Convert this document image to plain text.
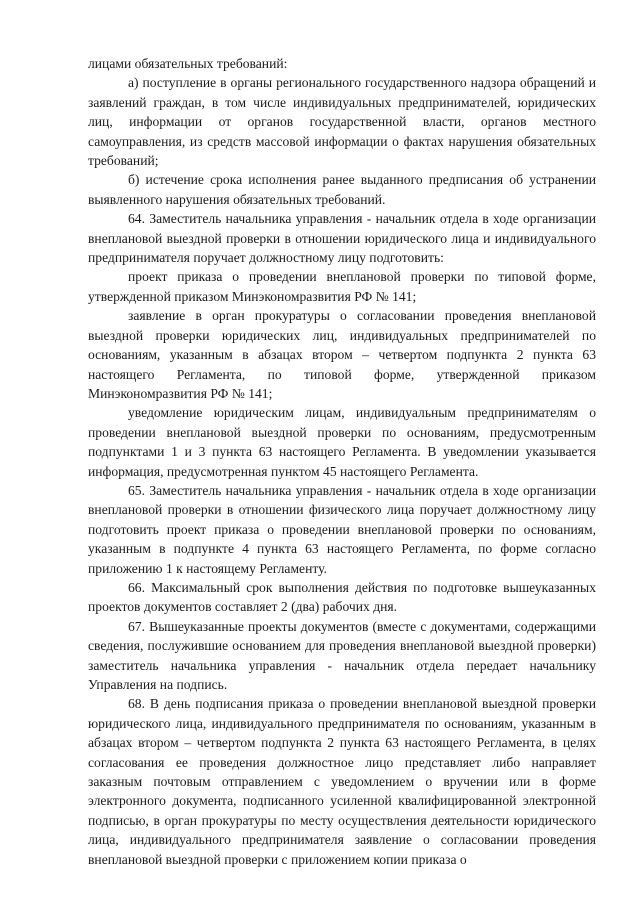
лицами обязательных требований:

а) поступление в органы регионального государственного надзора обращений и заявлений граждан, в том числе индивидуальных предпринимателей, юридических лиц, информации от органов государственной власти, органов местного самоуправления, из средств массовой информации о фактах нарушения обязательных требований;

б) истечение срока исполнения ранее выданного предписания об устранении выявленного нарушения обязательных требований.

64. Заместитель начальника управления - начальник отдела в ходе организации внеплановой выездной проверки в отношении юридического лица и индивидуального предпринимателя поручает должностному лицу подготовить:

проект приказа о проведении внеплановой проверки по типовой форме, утвержденной приказом Минэкономразвития РФ № 141;

заявление в орган прокуратуры о согласовании проведения внеплановой выездной проверки юридических лиц, индивидуальных предпринимателей по основаниям, указанным в абзацах втором – четвертом подпункта 2 пункта 63 настоящего Регламента, по типовой форме, утвержденной приказом Минэкономразвития РФ № 141;

уведомление юридическим лицам, индивидуальным предпринимателям о проведении внеплановой выездной проверки по основаниям, предусмотренным подпунктами 1 и 3 пункта 63 настоящего Регламента. В уведомлении указывается информация, предусмотренная пунктом 45 настоящего Регламента.

65. Заместитель начальника управления - начальник отдела в ходе организации внеплановой проверки в отношении физического лица поручает должностному лицу подготовить проект приказа о проведении внеплановой проверки по основаниям, указанным в подпункте 4 пункта 63 настоящего Регламента, по форме согласно приложению 1 к настоящему Регламенту.

66. Максимальный срок выполнения действия по подготовке вышеуказанных проектов документов составляет 2 (два) рабочих дня.

67. Вышеуказанные проекты документов (вместе с документами, содержащими сведения, послужившие основанием для проведения внеплановой выездной проверки) заместитель начальника управления - начальник отдела передает начальнику Управления на подпись.

68. В день подписания приказа о проведении внеплановой выездной проверки юридического лица, индивидуального предпринимателя по основаниям, указанным в абзацах втором – четвертом подпункта 2 пункта 63 настоящего Регламента, в целях согласования ее проведения должностное лицо представляет либо направляет заказным почтовым отправлением с уведомлением о вручении или в форме электронного документа, подписанного усиленной квалифицированной электронной подписью, в орган прокуратуры по месту осуществления деятельности юридического лица, индивидуального предпринимателя заявление о согласовании проведения внеплановой выездной проверки с приложением копии приказа о
